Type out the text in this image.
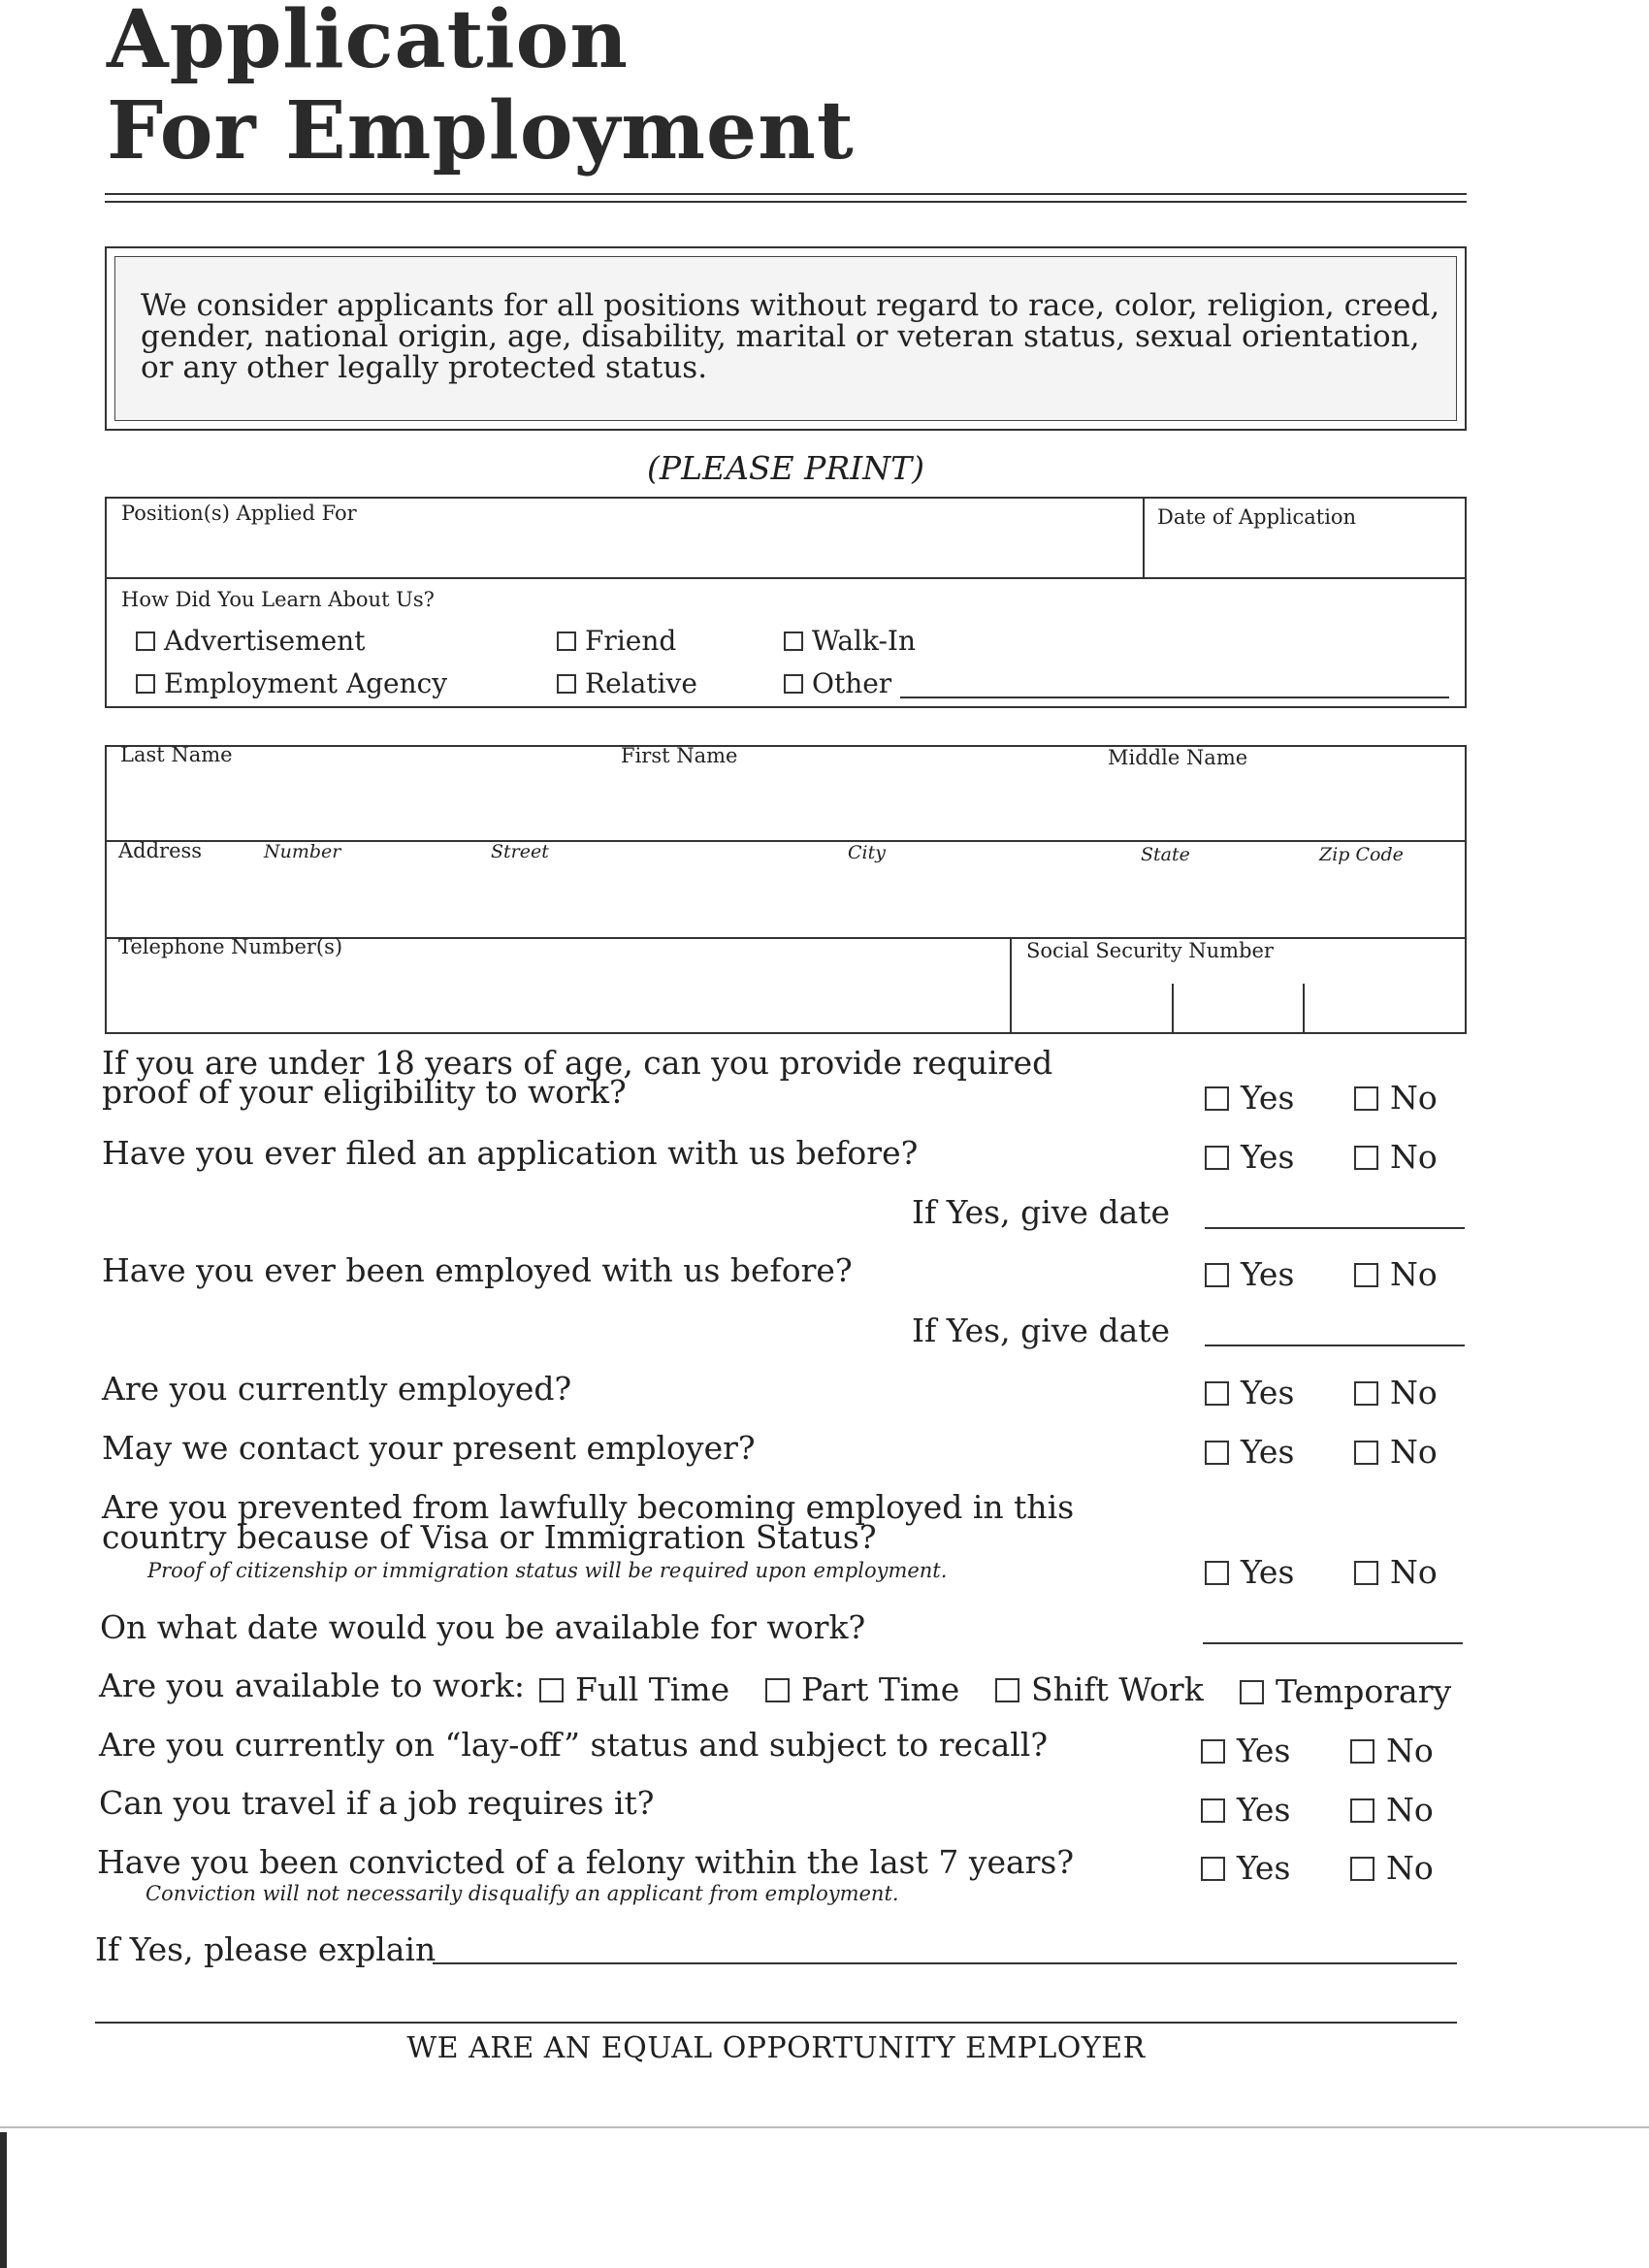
Application
For Employment
We consider applicants for all positions without regard to race, color, religion, creed, gender, national origin, age, disability, marital or veteran status, sexual orientation, or any other legally protected status.
(PLEASE PRINT)
Position(s) Applied For	Date of Application
How Did You Learn About Us?
Advertisement
Employment Agency
Friend
Relative
Walk-In
Other
Last Name	First Name	Middle Name
Address	Number	Street	City	State	Zip Code
Telephone Number(s)	Social Security Number
If you are under 18 years of age, can you provide required
proof of your eligibility to work?	Yes	No
Have you ever filed an application with us before?	Yes	No
If Yes, give date
Have you ever been employed with us before?	Yes	No
If Yes, give date
Are you currently employed?	Yes	No
May we contact your present employer?	Yes	No
Are you prevented from lawfully becoming employed in this
country because of Visa or Immigration Status?
Proof of citizenship or immigration status will be required upon employment.	Yes	No
On what date would you be available for work?
Are you available to work:	Full Time	Part Time	Shift Work	Temporary
Are you currently on “lay-off” status and subject to recall?	Yes	No
Can you travel if a job requires it?	Yes	No
Have you been convicted of a felony within the last 7 years?
Conviction will not necessarily disqualify an applicant from employment.
Yes	No
If Yes, please explain
WE ARE AN EQUAL OPPORTUNITY EMPLOYER
